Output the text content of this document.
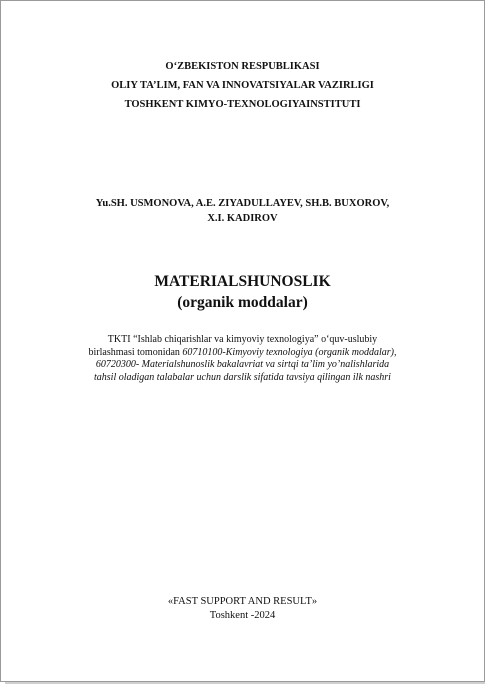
O‘ZBEKISTON RESPUBLIKASI
OLIY TA’LIM, FAN VA INNOVATSIYALAR VAZIRLIGI
TOSHKENT KIMYO-TEXNOLOGIYAINSTITUTI
Yu.SH. USMONOVA, A.E. ZIYADULLAYEV, SH.B. BUXOROV,
X.I. KADIROV
MATERIALSHUNOSLIK
(organik moddalar)
TKTI “Ishlab chiqarishlar va kimyoviy texnologiya” o‘quv-uslubiy
birlashmasi tomonidan 60710100-Kimyoviy texnologiya (organik moddalar),
60720300- Materialshunoslik bakalavriat va sirtqi ta’lim yo’nalishlarida
tahsil oladigan talabalar uchun darslik sifatida tavsiya qilingan ilk nashri
«FAST SUPPORT AND RESULT»
Toshkent -2024
